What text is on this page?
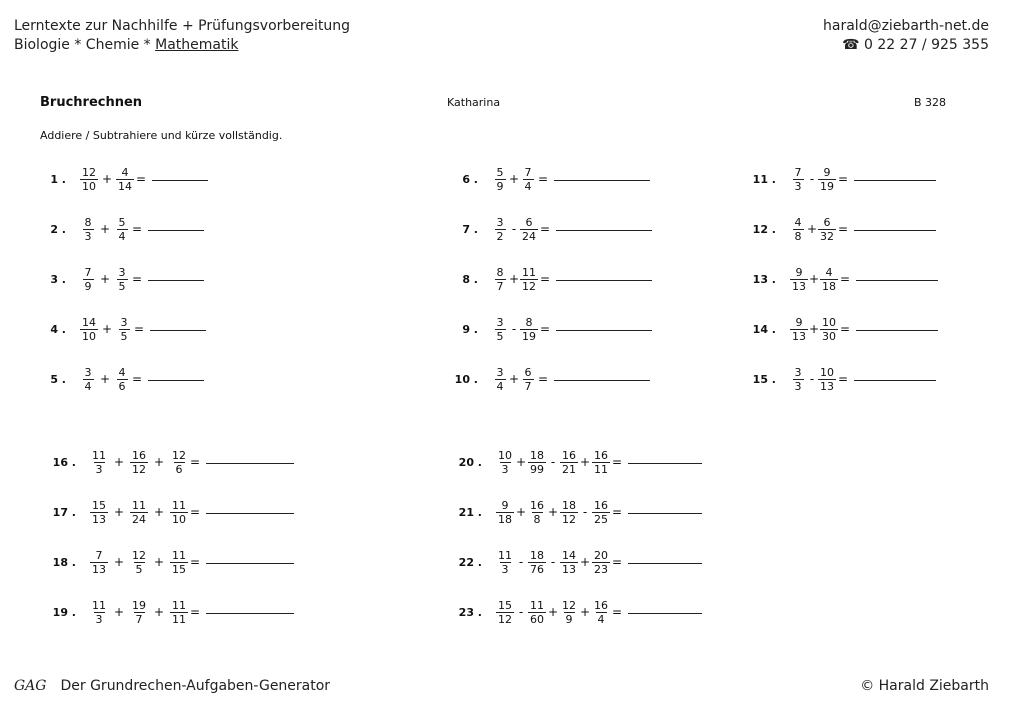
Lerntexte zur Nachhilfe + Prüfungsvorbereitung
Biologie * Chemie * Mathematik
harald@ziebarth-net.de
☎ 0 22 27 / 925 355
Bruchrechnen	Katharina	B 328
Addiere / Subtrahiere und kürze vollständig.
1 . $\frac{12}{10} + \frac{4}{14}$ =
2 . $\frac{8}{3} + \frac{5}{4}$ =
3 . $\frac{7}{9} + \frac{3}{5}$ =
4 . $\frac{14}{10} + \frac{3}{5}$ =
5 . $\frac{3}{4} + \frac{4}{6}$ =
6 . $\frac{5}{9} + \frac{7}{4}$ =
7 . $\frac{3}{2} - \frac{6}{24}$ =
8 . $\frac{8}{7} + \frac{11}{12}$ =
9 . $\frac{3}{5} - \frac{8}{19}$ =
10 . $\frac{3}{4} + \frac{6}{7}$ =
11 . $\frac{7}{3} - \frac{9}{19}$ =
12 . $\frac{4}{8} + \frac{6}{32}$ =
13 . $\frac{9}{13} + \frac{4}{18}$ =
14 . $\frac{9}{13} + \frac{10}{30}$ =
15 . $\frac{3}{3} - \frac{10}{13}$ =
16 . $\frac{11}{3} + \frac{16}{12} + \frac{12}{6}$ =
17 . $\frac{15}{13} + \frac{11}{24} + \frac{11}{10}$ =
18 . $\frac{7}{13} + \frac{12}{5} + \frac{11}{15}$ =
19 . $\frac{11}{3} + \frac{19}{7} + \frac{11}{11}$ =
20 . $\frac{10}{3} + \frac{18}{99} - \frac{16}{21} + \frac{16}{11}$ =
21 . $\frac{9}{18} + \frac{16}{8} + \frac{18}{12} - \frac{16}{25}$ =
22 . $\frac{11}{3} - \frac{18}{76} - \frac{14}{13} + \frac{20}{23}$ =
23 . $\frac{15}{12} - \frac{11}{60} + \frac{12}{9} + \frac{16}{4}$ =
GAG Der Grundrechen-Aufgaben-Generator	© Harald Ziebarth
